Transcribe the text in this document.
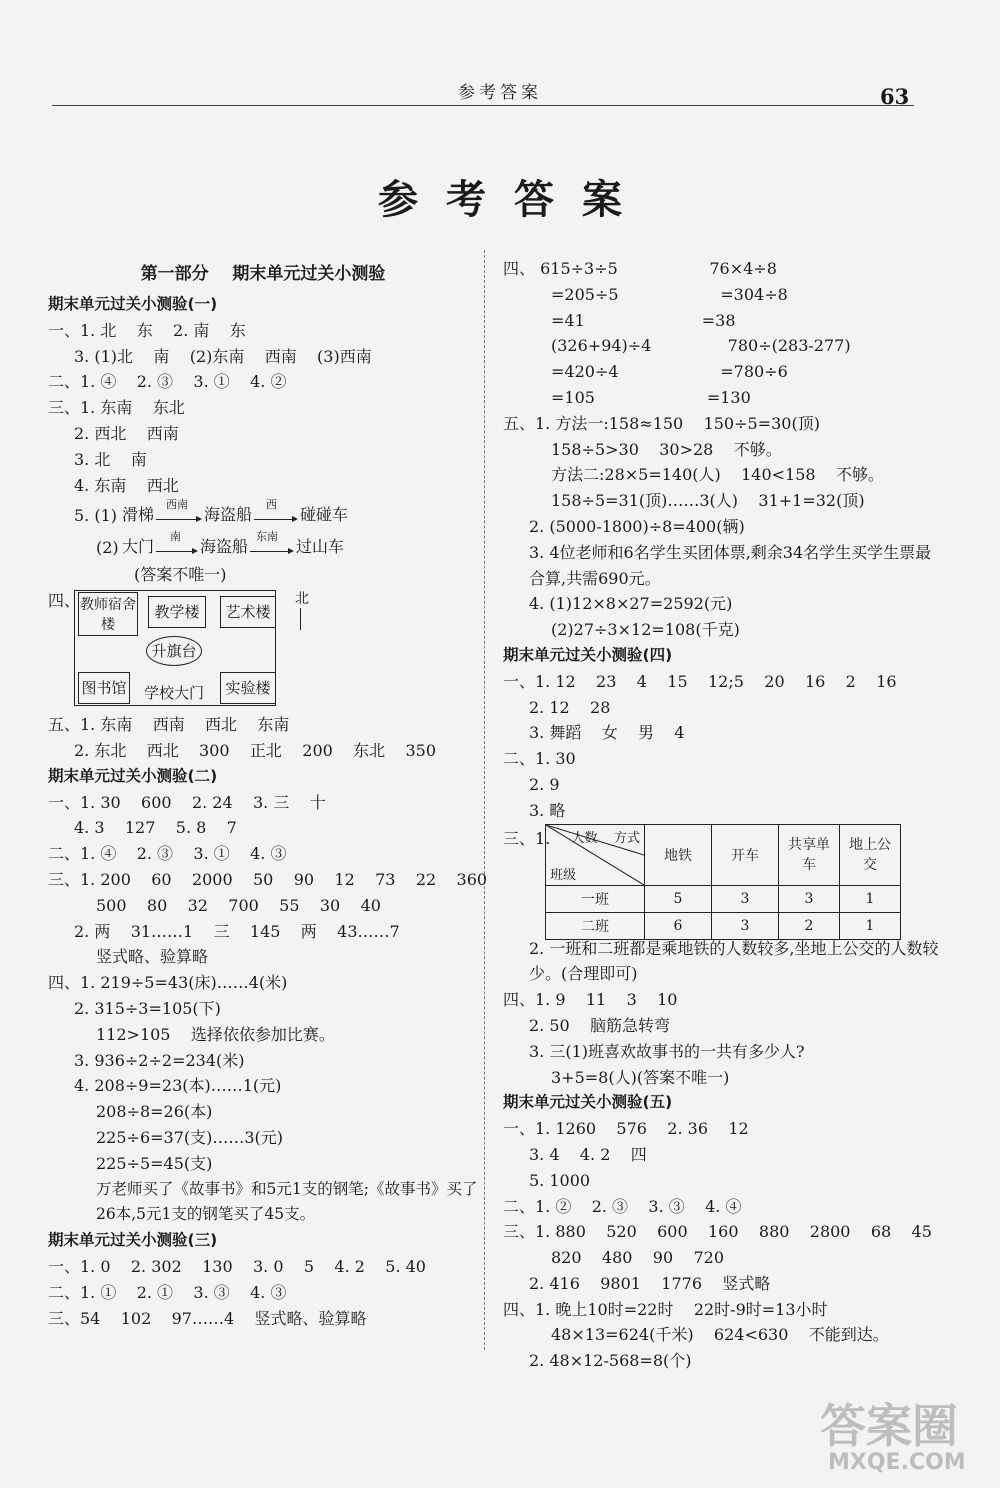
参考答案	63
参考答案
第一部分    期末单元过关小测验
期末单元过关小测验(一)
一、1. 北    东    2. 南    东
3. (1)北    南    (2)东南    西南    (3)西南
二、1. ④    2. ③    3. ①    4. ②
三、1. 东南    东北
2. 西北    西南
3. 北    南
4. 东南    西北
5. (1) 滑梯
西南
海盗船
西
碰碰车
(2) 大门
南
海盗船
东南
过山车
(答案不唯一)
四、 教师宿舍楼
教学楼	艺术楼
升旗台
图书馆 学校大门	实验楼
北
五、1. 东南    西南    西北    东南
2. 东北    西北    300    正北    200    东北    350
期末单元过关小测验(二)
一、1. 30    600    2. 24    3. 三    十
4. 3    127    5. 8    7
二、1. ④    2. ③    3. ①    4. ③
三、1. 200    60    2000    50    90    12    73    22    360
500    80    32    700    55    30    40
2. 两    31……1    三    145    两    43……7
竖式略、验算略
四、1. 219÷5=43(床)……4(米)
2. 315÷3=105(下)
112>105    选择依依参加比赛。
3. 936÷2÷2=234(米)
4. 208÷9=23(本)……1(元)
208÷8=26(本)
225÷6=37(支)……3(元)
225÷5=45(支)
万老师买了《故事书》和5元1支的钢笔;《故事书》买了26本,5元1支的钢笔买了45支。
期末单元过关小测验(三)
一、1. 0    2. 302    130    3. 0    5    4. 2    5. 40
二、1. ①    2. ①    3. ③    4. ③
三、54    102    97……4    竖式略、验算略
四、 615÷3÷5                  76×4÷8
=205÷5                    =304÷8
=41                       =38
(326+94)÷4               780÷(283-277)
=420÷4                    =780÷6
=105                      =130
五、1. 方法一:158≈150    150÷5=30(顶)
158÷5>30    30>28    不够。
方法二:28×5=140(人)    140<158    不够。
158÷5=31(顶)……3(人)    31+1=32(顶)
2. (5000-1800)÷8=400(辆)
3. 4位老师和6名学生买团体票,剩余34名学生买学生票最合算,共需690元。
4. (1)12×8×27=2592(元)
(2)27÷3×12=108(千克)
期末单元过关小测验(四)
一、1. 12    23    4    15    12;5    20    16    2    16
2. 12    28
3. 舞蹈    女    男    4
二、1. 30
2. 9
3. 略
三、1. 人数    方式
班级	地铁	开车	共享单车	地上公交
一班	5	3	3	1
二班	6	3	2	1
2. 一班和二班都是乘地铁的人数较多,坐地上公交的人数较少。(合理即可)
四、1. 9    11    3    10
2. 50    脑筋急转弯
3. 三(1)班喜欢故事书的一共有多少人?
3+5=8(人)(答案不唯一)
期末单元过关小测验(五)
一、1. 1260    576    2. 36    12
3. 4    4. 2    四
5. 1000
二、1. ②    2. ③    3. ③    4. ④
三、1. 880    520    600    160    880    2800    68    45
820    480    90    720
2. 416    9801    1776    竖式略
四、1. 晚上10时=22时    22时-9时=13小时
48×13=624(千米)    624<630    不能到达。
2. 48×12-568=8(个)
答案圈
MXQE.COM
